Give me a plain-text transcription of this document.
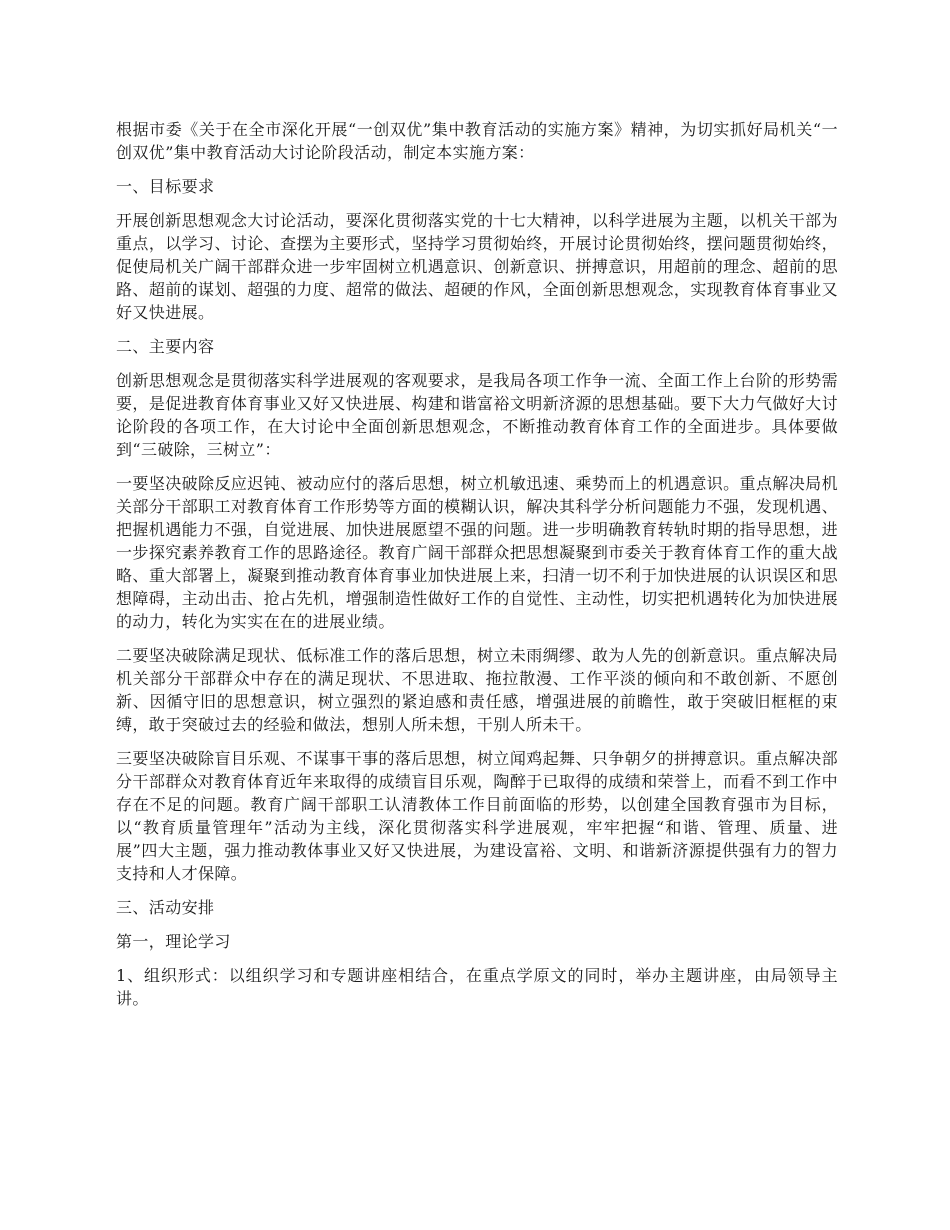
根据市委《关于在全市深化开展“一创双优”集中教育活动的实施方案》精神，为切实抓好局机关“一创双优”集中教育活动大讨论阶段活动，制定本实施方案：

一、目标要求

开展创新思想观念大讨论活动，要深化贯彻落实党的十七大精神，以科学进展为主题，以机关干部为重点，以学习、讨论、查摆为主要形式，坚持学习贯彻始终，开展讨论贯彻始终，摆问题贯彻始终，促使局机关广阔干部群众进一步牢固树立机遇意识、创新意识、拼搏意识，用超前的理念、超前的思路、超前的谋划、超强的力度、超常的做法、超硬的作风，全面创新思想观念，实现教育体育事业又好又快进展。

二、主要内容

创新思想观念是贯彻落实科学进展观的客观要求，是我局各项工作争一流、全面工作上台阶的形势需要，是促进教育体育事业又好又快进展、构建和谐富裕文明新济源的思想基础。要下大力气做好大讨论阶段的各项工作，在大讨论中全面创新思想观念，不断推动教育体育工作的全面进步。具体要做到“三破除，三树立”：

一要坚决破除反应迟钝、被动应付的落后思想，树立机敏迅速、乘势而上的机遇意识。重点解决局机关部分干部职工对教育体育工作形势等方面的模糊认识，解决其科学分析问题能力不强，发现机遇、把握机遇能力不强，自觉进展、加快进展愿望不强的问题。进一步明确教育转轨时期的指导思想，进一步探究素养教育工作的思路途径。教育广阔干部群众把思想凝聚到市委关于教育体育工作的重大战略、重大部署上，凝聚到推动教育体育事业加快进展上来，扫清一切不利于加快进展的认识误区和思想障碍，主动出击、抢占先机，增强制造性做好工作的自觉性、主动性，切实把机遇转化为加快进展的动力，转化为实实在在的进展业绩。

二要坚决破除满足现状、低标准工作的落后思想，树立未雨绸缪、敢为人先的创新意识。重点解决局机关部分干部群众中存在的满足现状、不思进取、拖拉散漫、工作平淡的倾向和不敢创新、不愿创新、因循守旧的思想意识，树立强烈的紧迫感和责任感，增强进展的前瞻性，敢于突破旧框框的束缚，敢于突破过去的经验和做法，想别人所未想，干别人所未干。

三要坚决破除盲目乐观、不谋事干事的落后思想，树立闻鸡起舞、只争朝夕的拼搏意识。重点解决部分干部群众对教育体育近年来取得的成绩盲目乐观，陶醉于已取得的成绩和荣誉上，而看不到工作中存在不足的问题。教育广阔干部职工认清教体工作目前面临的形势，以创建全国教育强市为目标，以“教育质量管理年”活动为主线，深化贯彻落实科学进展观，牢牢把握“和谐、管理、质量、进展”四大主题，强力推动教体事业又好又快进展，为建设富裕、文明、和谐新济源提供强有力的智力支持和人才保障。

三、活动安排

第一，理论学习

1、组织形式：以组织学习和专题讲座相结合，在重点学原文的同时，举办主题讲座，由局领导主讲。
